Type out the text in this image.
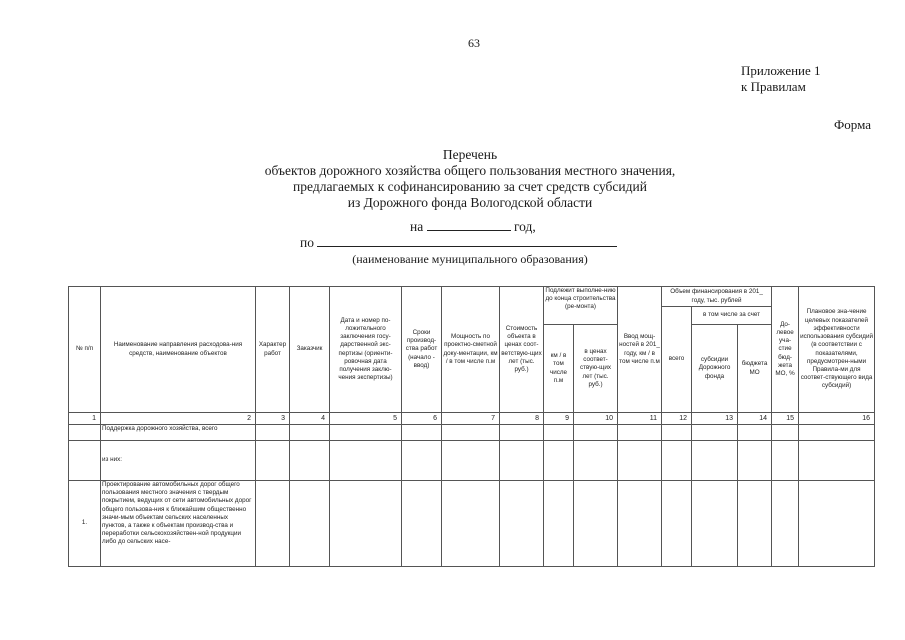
63
Приложение 1
к Правилам
Форма
Перечень
объектов дорожного хозяйства общего пользования местного значения,
предлагаемых к софинансированию за счет средств субсидий
из Дорожного фонда Вологодской области
на	год,
по
(наименование муниципального образования)
№ п/п	Наименование направления расходова-ния средств, наименование объектов	Характер работ	Заказчик	Дата и номер по-ложительного заключения госу-дарственной экс-пертизы (ориенти-ровочная дата получения заклю-чения экспертизы)	Сроки производ-ства работ (начало - ввод)	Мощность по проектно-сметной доку-ментации, км / в том числе п.м	Стоимость объекта в ценах соот-ветствую-щих лет (тыс. руб.)	Подлежит выполне-нию до конца строительства (ре-монта)		Ввод мощ-ностей в 201_ году, км / в том числе п.м	Объем финансирования в 201_ году, тыс. рублей			До-левое уча-стие бюд-жета МО, %	Плановое зна-чение целевых показателей эффективности использования субсидий (в соответствии с показателями, предусмотрен-ными Правила-ми для соответ-ствующего вида субсидий)
											всего	в том числе за счет			
								км / в том числе п.м	в ценах соответ-ствую-щих лет (тыс. руб.)			субсидии Дорожного фонда	бюджета МО		
1	2	3	4	5	6	7	8	9	10	11	12	13	14	15	16
	Поддержка дорожного хозяйства, всего														
	из них:														
1.	Проектирование автомобильных дорог общего пользования местного значения с твердым покрытием, ведущих от сети автомобильных дорог общего пользова-ния к ближайшим общественно значи-мым объектам сельских населенных пунктов, а также к объектам производ-ства и переработки сельскохозяйствен-ной продукции либо до сельских насе-														
